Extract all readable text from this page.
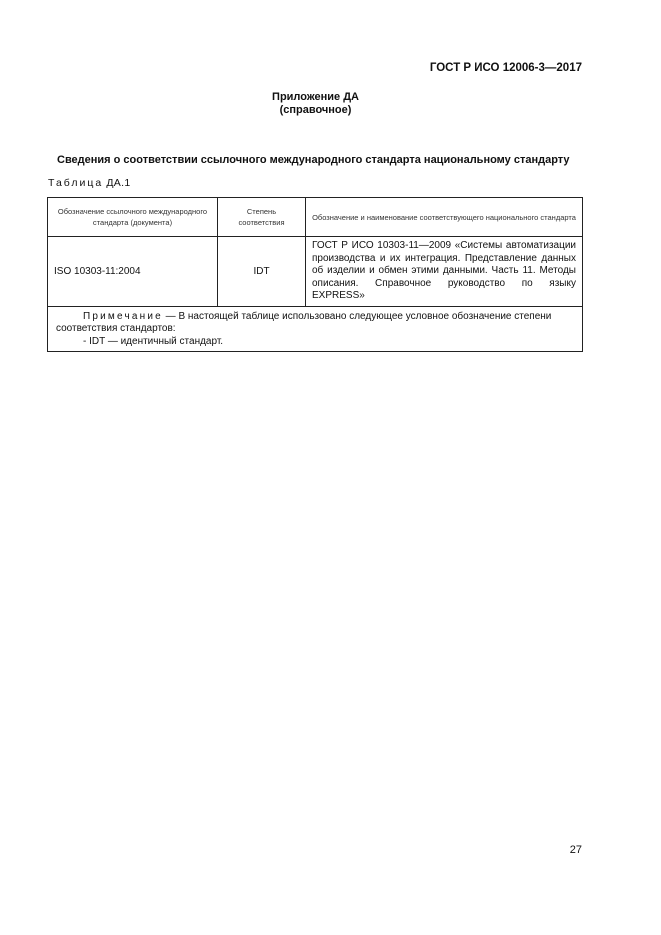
ГОСТ Р ИСО 12006-3—2017
Приложение ДА
(справочное)
Сведения о соответствии ссылочного международного стандарта национальному стандарту
Таблица ДА.1
Обозначение ссылочного международного стандарта (документа)	Степень соответствия	Обозначение и наименование соответствующего национального стандарта
ISO 10303-11:2004	IDT	ГОСТ Р ИСО 10303-11—2009 «Системы автоматизации производства и их интеграция. Представление данных об изделии и обмен этими данными. Часть 11. Методы описания. Справочное руководство по языку EXPRESS»

Примечание — В настоящей таблице использовано следующее условное обозначение степени соответствия стандартов:
- IDT — идентичный стандарт.		
27
